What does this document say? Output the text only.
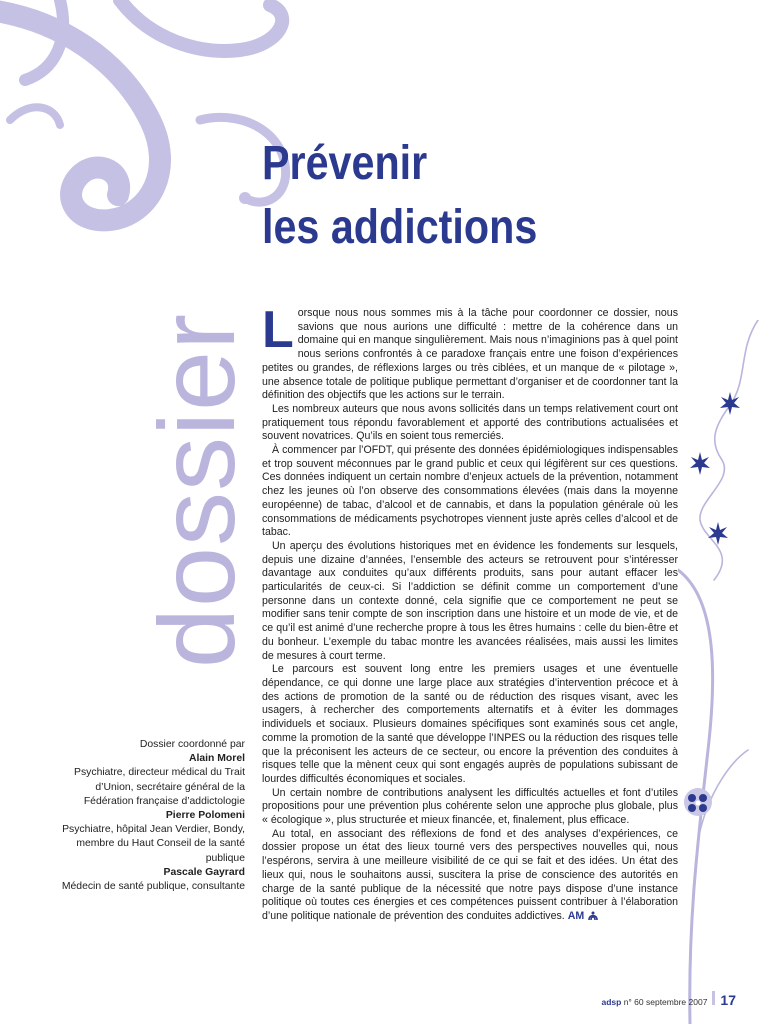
dossier
Prévenir
les addictions

Lorsque nous nous sommes mis à la tâche pour coordonner ce dossier, nous savions que nous aurions une difficulté : mettre de la cohérence dans un domaine qui en manque singulièrement. Mais nous n’imaginions pas à quel point nous serions confrontés à ce paradoxe français entre une foison d’expériences petites ou grandes, de réflexions larges ou très ciblées, et un manque de « pilotage », une absence totale de politique publique permettant d’organiser et de coordonner tant la définition des objectifs que les actions sur le terrain.

Les nombreux auteurs que nous avons sollicités dans un temps relativement court ont pratiquement tous répondu favorablement et apporté des contributions actualisées et souvent novatrices. Qu’ils en soient tous remerciés.

À commencer par l’OFDT, qui présente des données épidémiologiques indispensables et trop souvent méconnues par le grand public et ceux qui légifèrent sur ces questions. Ces données indiquent un certain nombre d’enjeux actuels de la prévention, notamment chez les jeunes où l’on observe des consommations élevées (mais dans la moyenne européenne) de tabac, d’alcool et de cannabis, et dans la population générale où les consommations de médicaments psychotropes viennent juste après celles d’alcool et de tabac.

Un aperçu des évolutions historiques met en évidence les fondements sur lesquels, depuis une dizaine d’années, l’ensemble des acteurs se retrouvent pour s’intéresser davantage aux conduites qu’aux différents produits, sans pour autant effacer les particularités de ceux-ci. Si l’addiction se définit comme un comportement d’une personne dans un contexte donné, cela signifie que ce comportement ne peut se modifier sans tenir compte de son inscription dans une histoire et un mode de vie, et de ce qu’il est animé d’une recherche propre à tous les êtres humains : celle du bien-être et du bonheur. L’exemple du tabac montre les avancées réalisées, mais aussi les limites de mesures à court terme.

Le parcours est souvent long entre les premiers usages et une éventuelle dépendance, ce qui donne une large place aux stratégies d’intervention précoce et à des actions de promotion de la santé ou de réduction des risques visant, avec les usagers, à rechercher des comportements alternatifs et à éviter les dommages individuels et sociaux. Plusieurs domaines spécifiques sont examinés sous cet angle, comme la promotion de la santé que développe l’INPES ou la réduction des risques telle que la préconisent les acteurs de ce secteur, ou encore la prévention des conduites à risques telle que la mènent ceux qui sont engagés auprès de populations subissant de lourdes difficultés économiques et sociales.

Un certain nombre de contributions analysent les difficultés actuelles et font d’utiles propositions pour une prévention plus cohérente selon une approche plus globale, plus « écologique », plus structurée et mieux financée, et, finalement, plus efficace.

Au total, en associant des réflexions de fond et des analyses d’expériences, ce dossier propose un état des lieux tourné vers des perspectives nouvelles qui, nous l’espérons, servira à une meilleure visibilité de ce qui se fait et des idées. Un état des lieux qui, nous le souhaitons aussi, suscitera la prise de conscience des autorités en charge de la santé publique de la nécessité que notre pays dispose d’une instance politique où toutes ces énergies et ces compétences puissent contribuer à l’élaboration d’une politique nationale de prévention des conduites addictives. AM

Dossier coordonné par
Alain Morel
Psychiatre, directeur médical du Trait d’Union, secrétaire général de la Fédération française d’addictologie
Pierre Polomeni
Psychiatre, hôpital Jean Verdier, Bondy, membre du Haut Conseil de la santé publique
Pascale Gayrard
Médecin de santé publique, consultante
adsp n° 60 septembre 2007 17
